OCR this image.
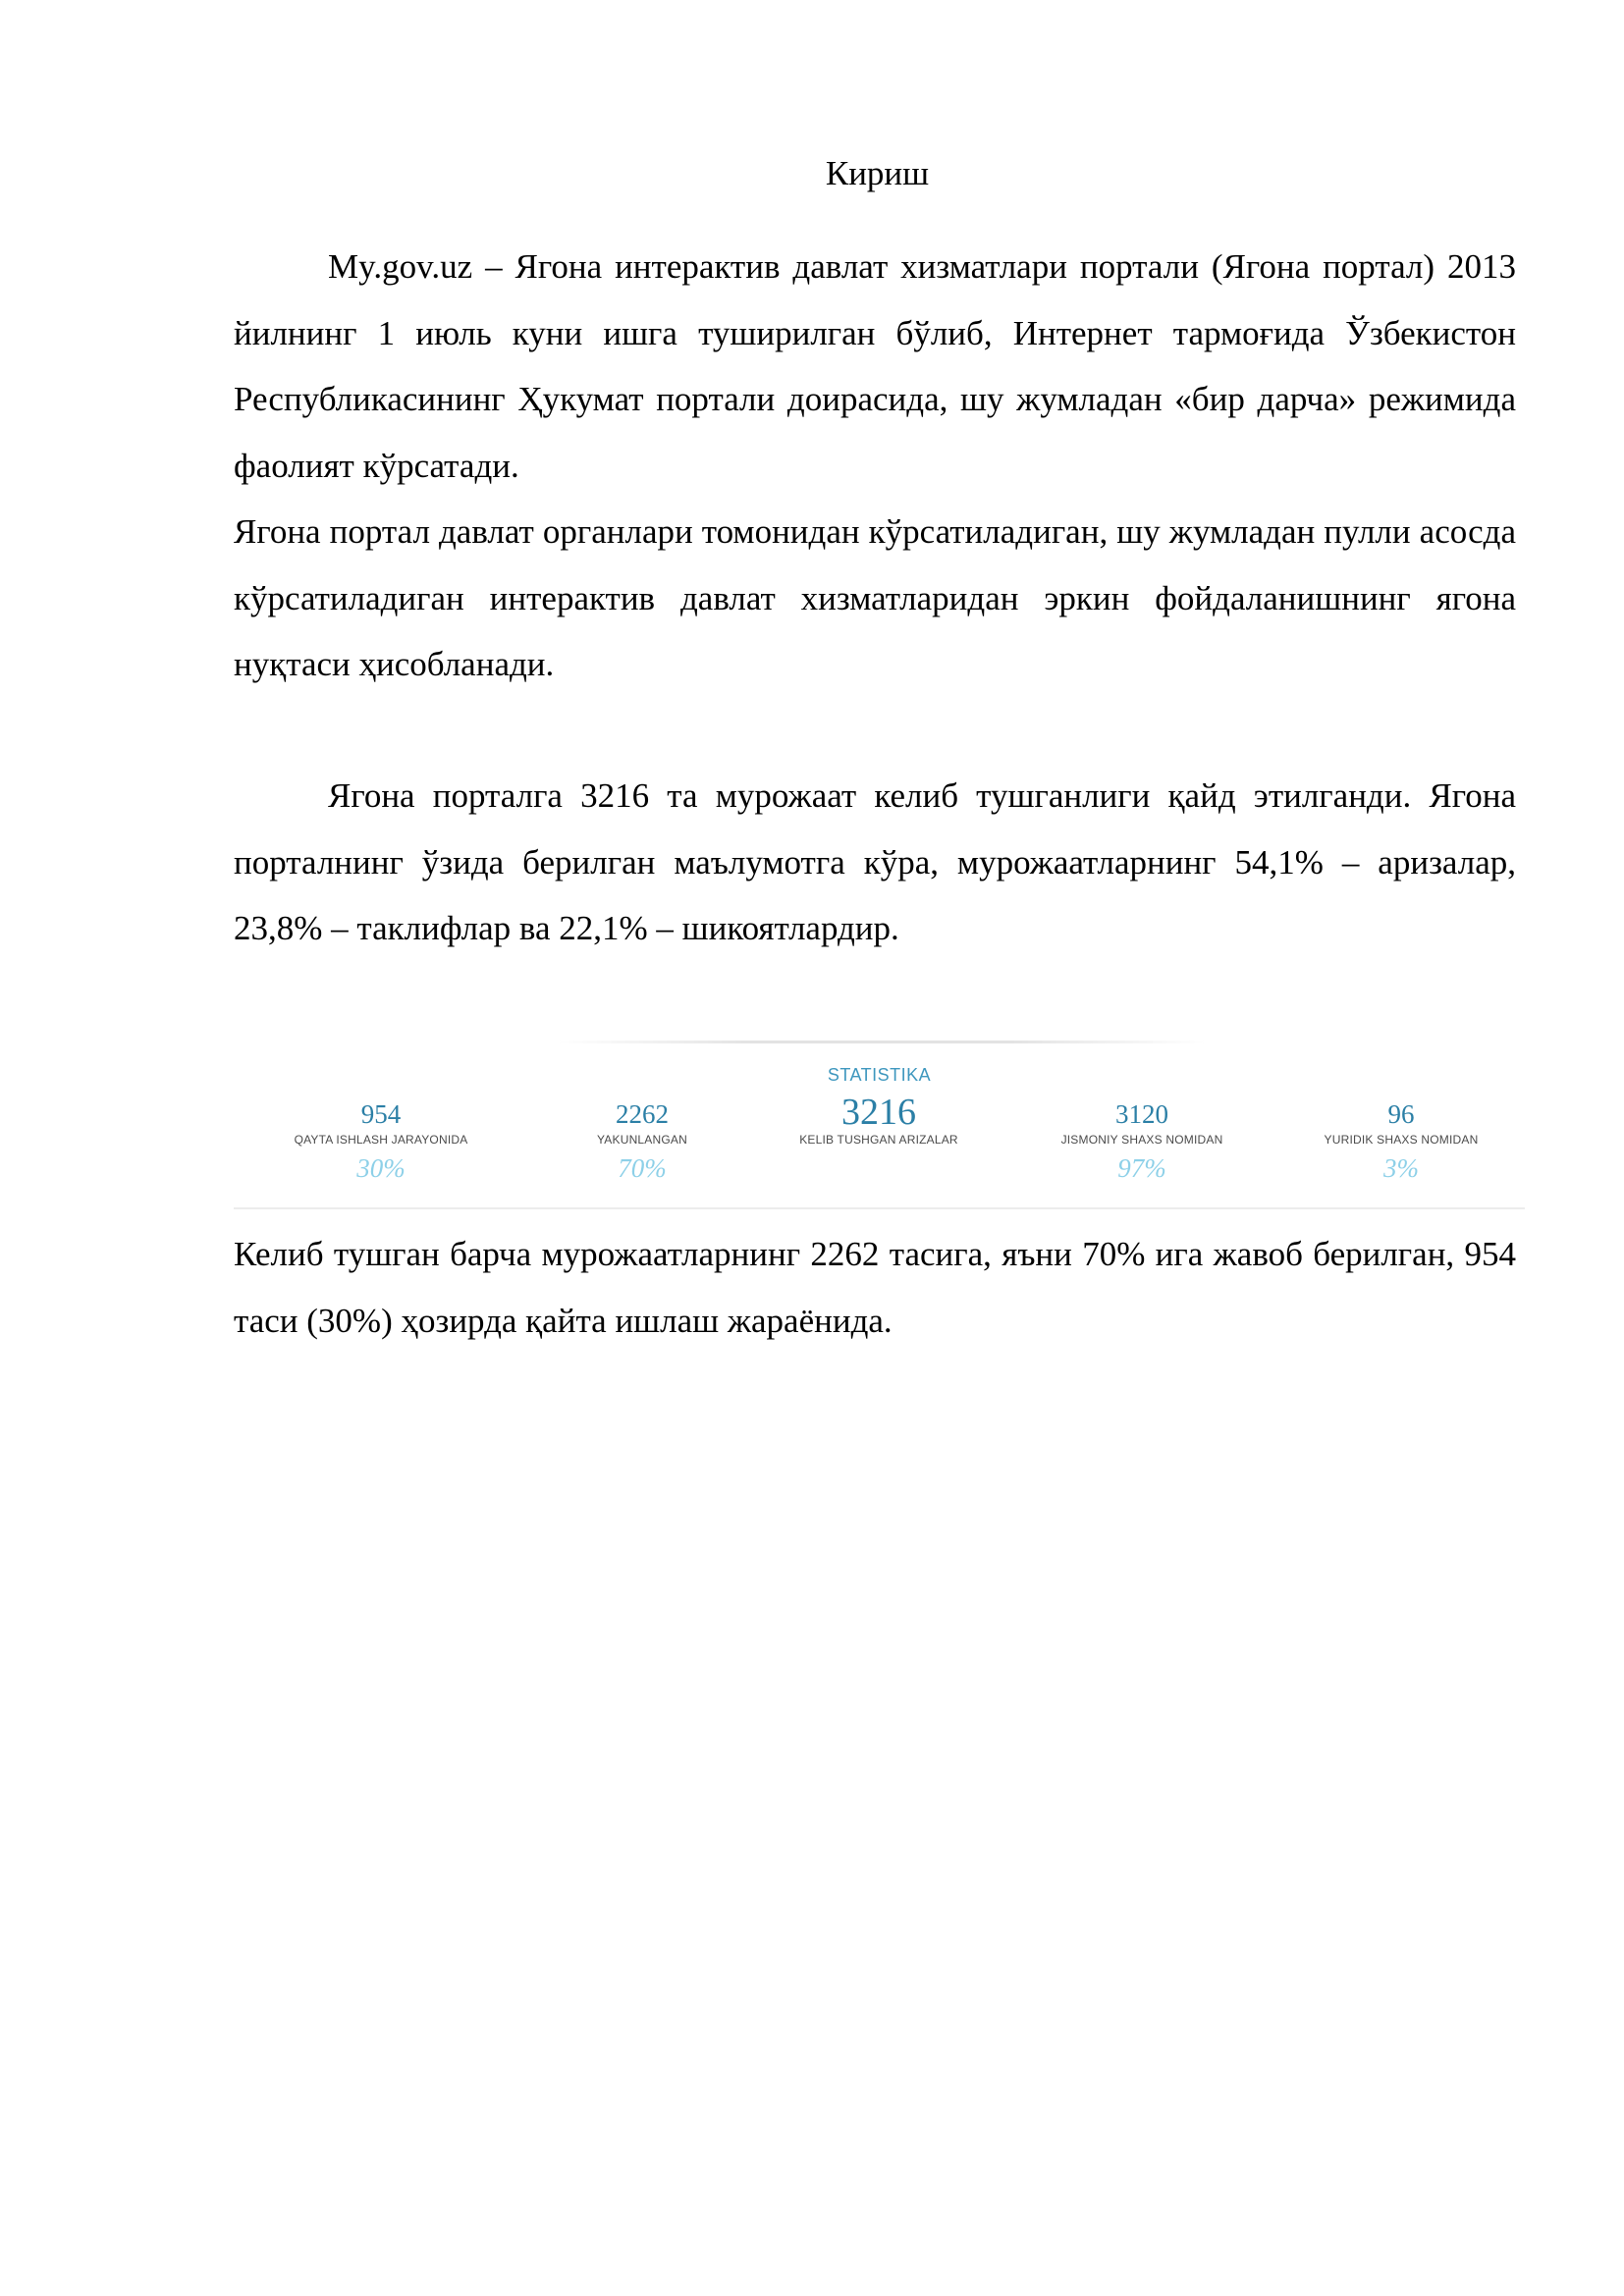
Кириш

My.gov.uz – Ягона интерактив давлат хизматлари портали (Ягона портал) 2013 йилнинг 1 июль куни ишга туширилган бўлиб, Интернет тармоғида Ўзбекистон Республикасининг Ҳукумат портали доирасида, шу жумладан «бир дарча» режимида фаолият кўрсатади.

Ягона портал давлат органлари томонидан кўрсатиладиган, шу жумладан пулли асосда кўрсатиладиган интерактив давлат хизматларидан эркин фойдаланишнинг ягона нуқтаси ҳисобланади.

Ягона порталга 3216 та мурожаат келиб тушганлиги қайд этилганди. Ягона порталнинг ўзида берилган маълумотга кўра, мурожаатларнинг 54,1% – аризалар, 23,8% – таклифлар ва 22,1% – шикоятлардир.

STATISTIKA
954
QAYTA ISHLASH JARAYONIDA
30%
2262
YAKUNLANGAN
70%
3216
KELIB TUSHGAN ARIZALAR
3120
JISMONIY SHAXS NOMIDAN
97%
96
YURIDIK SHAXS NOMIDAN
3%

Келиб тушган барча мурожаатларнинг 2262 тасига, яъни 70% ига жавоб берилган, 954 таси (30%) ҳозирда қайта ишлаш жараёнида.
